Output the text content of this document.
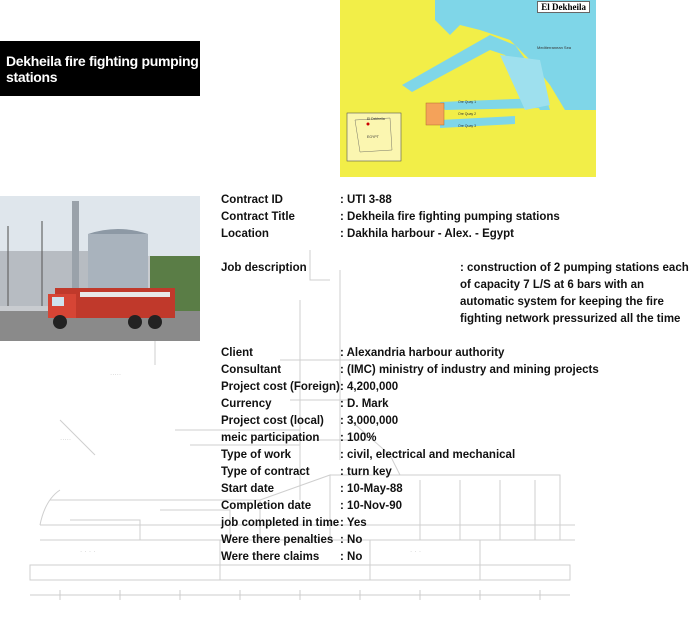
.....
.....
. . . .	. . .
Dekheila fire fighting pumping stations
El Dekheila
Mediterranean Sea
Ore Quay 1
Ore Quay 2
Ore Quay 3
El Dekheila
EGYPT
Contract ID	: UTI 3-88
Contract Title	: Dekheila fire fighting pumping stations
Location	: Dakhila harbour - Alex. - Egypt
Job description	: construction of 2 pumping stations each of capacity 7 L/S at 6 bars with an automatic system for keeping the fire fighting network pressurized all the time
Client	: Alexandria harbour authority
Consultant	: (IMC) ministry of industry and mining projects
Project cost (Foreign) : 4,200,000
Currency	: D. Mark
Project cost (local)	: 3,000,000
meic participation	: 100%
Type of work	: civil, electrical and mechanical
Type of contract	: turn key
Start date	: 10-May-88
Completion date	: 10-Nov-90
job completed in time : Yes
Were there penalties : No
Were there claims	: No
